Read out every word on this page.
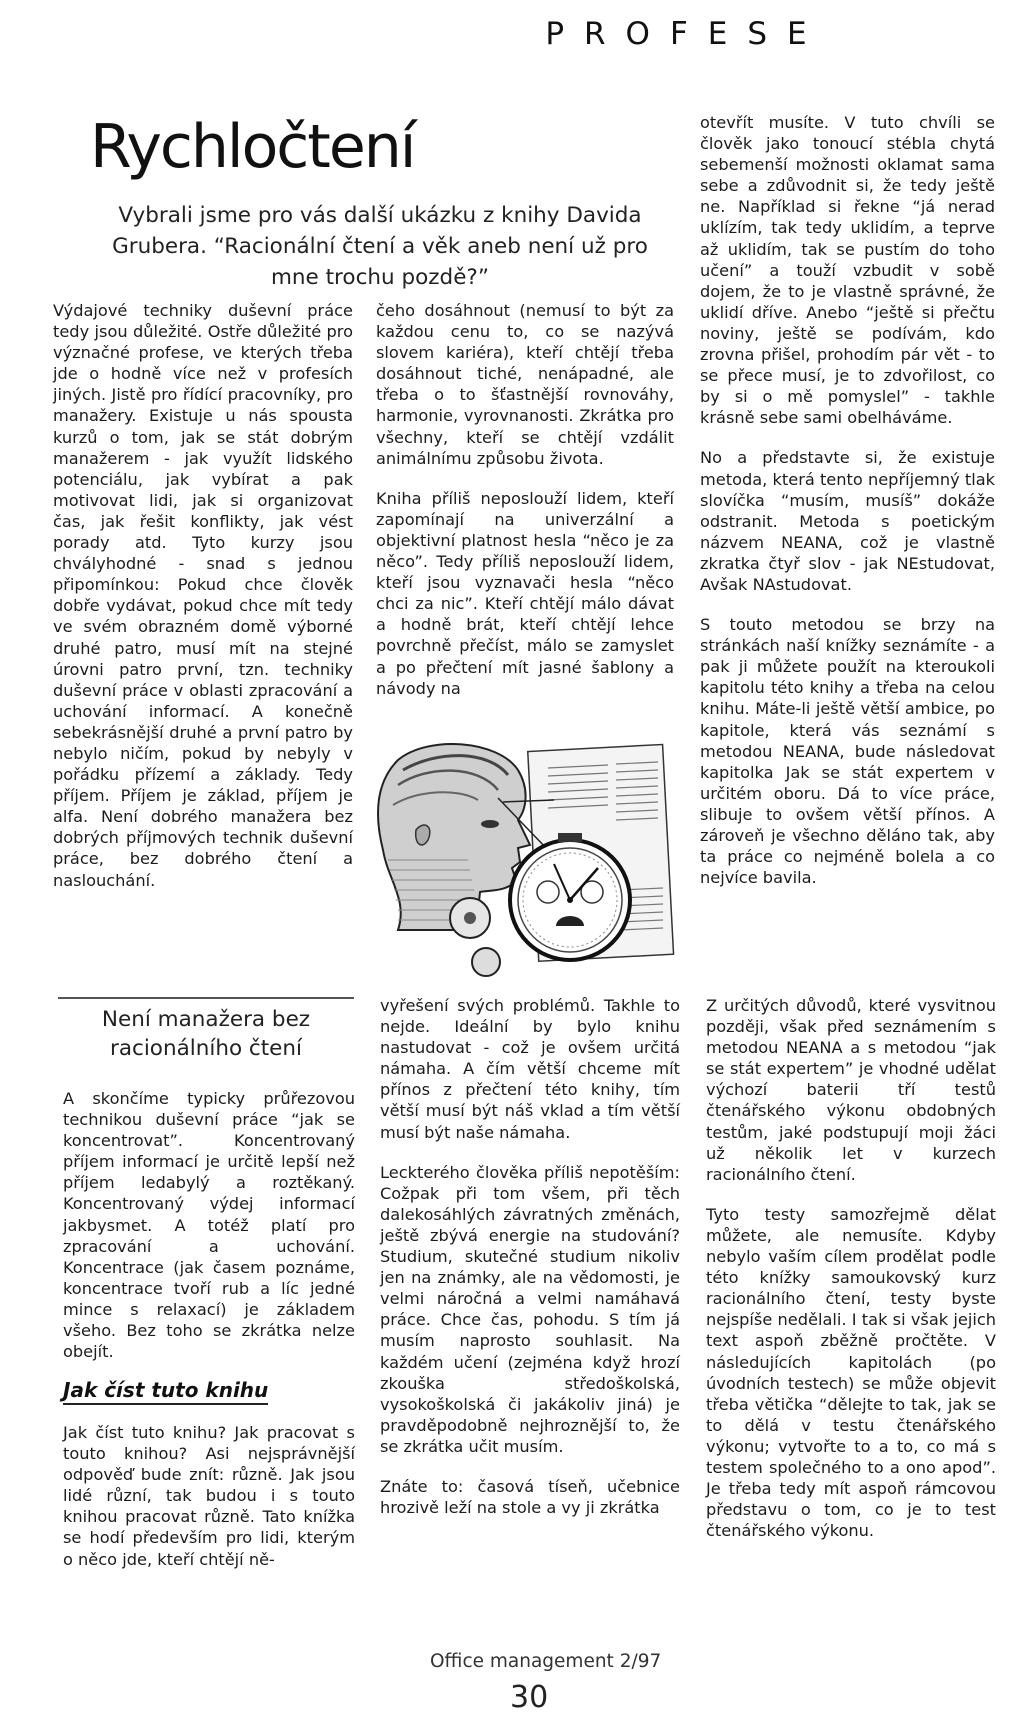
PROFESE
Rychločtení
Vybrali jsme pro vás další ukázku z knihy Davida Grubera. “Racionální čtení a věk aneb není už pro mne trochu pozdě?”

Výdajové techniky duševní práce tedy jsou důležité. Ostře důležité pro význačné profese, ve kterých třeba jde o hodně více než v profesích jiných. Jistě pro řídící pracovníky, pro manažery. Existuje u nás spousta kurzů o tom, jak se stát dobrým manažerem - jak využít lidského potenciálu, jak vybírat a pak motivovat lidi, jak si organizovat čas, jak řešit konflikty, jak vést porady atd. Tyto kurzy jsou chvályhodné - snad s jednou připomínkou: Pokud chce člověk dobře vydávat, pokud chce mít tedy ve svém obrazném domě výborné druhé patro, musí mít na stejné úrovni patro první, tzn. techniky duševní práce v oblasti zpracování a uchování informací. A konečně sebekrásnější druhé a první patro by nebylo ničím, pokud by nebyly v pořádku přízemí a základy. Tedy příjem. Příjem je základ, příjem je alfa. Není dobrého manažera bez dobrých příjmových technik duševní práce, bez dobrého čtení a naslouchání.

čeho dosáhnout (nemusí to být za každou cenu to, co se nazývá slovem kariéra), kteří chtějí třeba dosáhnout tiché, nenápadné, ale třeba o to šťastnější rovnováhy, harmonie, vyrovnanosti. Zkrátka pro všechny, kteří se chtějí vzdálit animálnímu způsobu života.

Kniha příliš neposlouží lidem, kteří zapomínají na univerzální a objektivní platnost hesla “něco je za něco”. Tedy příliš neposlouží lidem, kteří jsou vyznavači hesla “něco chci za nic”. Kteří chtějí málo dávat a hodně brát, kteří chtějí lehce povrchně přečíst, málo se zamyslet a po přečtení mít jasné šablony a návody na

otevřít musíte. V tuto chvíli se člověk jako tonoucí stébla chytá sebemenší možnosti oklamat sama sebe a zdůvodnit si, že tedy ještě ne. Například si řekne “já nerad uklízím, tak tedy uklidím, a teprve až uklidím, tak se pustím do toho učení” a touží vzbudit v sobě dojem, že to je vlastně správné, že uklidí dříve. Anebo “ještě si přečtu noviny, ještě se podívám, kdo zrovna přišel, prohodím pár vět - to se přece musí, je to zdvořilost, co by si o mě pomyslel” - takhle krásně sebe sami obelháváme.

No a představte si, že existuje metoda, která tento nepříjemný tlak slovíčka “musím, musíš” dokáže odstranit. Metoda s poetickým názvem NEANA, což je vlastně zkratka čtyř slov - jak NEstudovat, Avšak NAstudovat.

S touto metodou se brzy na stránkách naší knížky seznámíte - a pak ji můžete použít na kteroukoli kapitolu této knihy a třeba na celou knihu. Máte-li ještě větší ambice, po kapitole, která vás seznámí s metodou NEANA, bude následovat kapitolka Jak se stát expertem v určitém oboru. Dá to více práce, slibuje to ovšem větší přínos. A zároveň je všechno děláno tak, aby ta práce co nejméně bolela a co nejvíce bavila.

Není manažera bez racionálního čtení

A skončíme typicky průřezovou technikou duševní práce “jak se koncentrovat”. Koncentrovaný příjem informací je určitě lepší než příjem ledabylý a roztěkaný. Koncentrovaný výdej informací jakbysmet. A totéž platí pro zpracování a uchování. Koncentrace (jak časem poznáme, koncentrace tvoří rub a líc jedné mince s relaxací) je základem všeho. Bez toho se zkrátka nelze obejít.

Jak číst tuto knihu

Jak číst tuto knihu? Jak pracovat s touto knihou? Asi nejsprávnější odpověď bude znít: různě. Jak jsou lidé různí, tak budou i s touto knihou pracovat různě. Tato knížka se hodí především pro lidi, kterým o něco jde, kteří chtějí ně-

vyřešení svých problémů. Takhle to nejde. Ideální by bylo knihu nastudovat - což je ovšem určitá námaha. A čím větší chceme mít přínos z přečtení této knihy, tím větší musí být náš vklad a tím větší musí být naše námaha.

Leckterého člověka příliš nepotěším: Cožpak při tom všem, při těch dalekosáhlých závratných změnách, ještě zbývá energie na studování? Studium, skutečné studium nikoliv jen na známky, ale na vědomosti, je velmi náročná a velmi namáhavá práce. Chce čas, pohodu. S tím já musím naprosto souhlasit. Na každém učení (zejména když hrozí zkouška středoškolská, vysokoškolská či jakákoliv jiná) je pravděpodobně nejhroznější to, že se zkrátka učit musím.

Znáte to: časová tíseň, učebnice hrozivě leží na stole a vy ji zkrátka

Z určitých důvodů, které vysvitnou později, však před seznámením s metodou NEANA a s metodou “jak se stát expertem” je vhodné udělat výchozí baterii tří testů čtenářského výkonu obdobných testům, jaké podstupují moji žáci už několik let v kurzech racionálního čtení.

Tyto testy samozřejmě dělat můžete, ale nemusíte. Kdyby nebylo vaším cílem prodělat podle této knížky samoukovský kurz racionálního čtení, testy byste nejspíše nedělali. I tak si však jejich text aspoň zběžně pročtěte. V následujících kapitolách (po úvodních testech) se může objevit třeba větička “dělejte to tak, jak se to dělá v testu čtenářského výkonu; vytvořte to a to, co má s testem společného to a ono apod”. Je třeba tedy mít aspoň rámcovou představu o tom, co je to test čtenářského výkonu.

Office management 2/97
30
